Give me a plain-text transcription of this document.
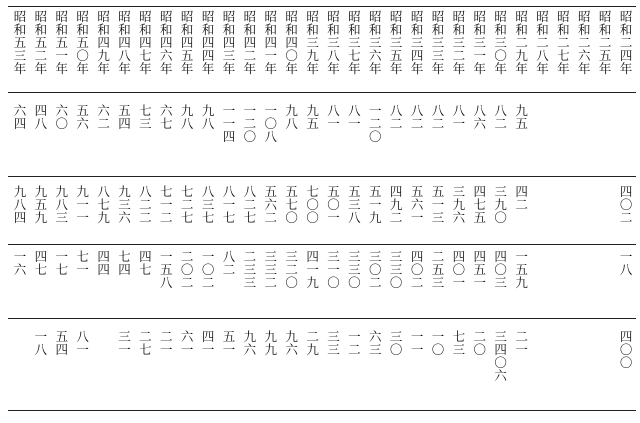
昭
和
五
三
年
六
四
九
八
四
一
六
昭
和
五
二
年
四
八
九
五
九
四
七
一
八
昭
和
五
一
年
六
〇
九
八
三
一
七
五
四
昭
和
五
〇
年
五
六
九
一
一
七
一
八
一
昭
和
四
九
年
六
二
八
七
九
四
四
昭
和
四
八
年
五
四
九
三
六
七
四
三
一
昭
和
四
七
年
七
三
八
二
二
四
七
二
七
昭
和
四
六
年
六
七
七
一
二
一
五
八
二
一
昭
和
四
五
年
九
八
七
二
七
二
〇
二
六
一
昭
和
四
四
年
九
八
八
三
七
一
〇
二
四
一
昭
和
四
三
年
一
一
四
八
一
七
八
二
五
一
昭
和
四
二
年
一
二
〇
八
二
七
二
三
三
九
六
昭
和
四
一
年
一
〇
八
五
六
二
三
三
二
九
九
昭
和
四
〇
年
九
八
五
七
〇
三
二
〇
九
六
昭
和
三
九
年
九
五
七
〇
〇
四
一
九
二
九
昭
和
三
八
年
八
一
五
〇
一
三
一
〇
三
三
昭
和
三
七
年
八
一
五
三
八
三
三
〇
一
二
昭
和
三
六
年
一
二
〇
五
一
九
三
〇
二
六
三
昭
和
三
五
年
八
二
四
九
二
三
三
〇
三
〇
昭
和
三
四
年
八
二
五
六
一
四
〇
二
一
一
昭
和
三
三
年
八
二
五
一
三
二
五
三
一
〇
昭
和
三
二
年
八
一
三
九
六
四
〇
一
七
三
昭
和
三
一
年
八
六
四
七
五
四
五
一
二
〇
昭
和
三
〇
年
八
二
三
九
〇
四
〇
三
三
四
〇
六
昭
和
二
九
年
九
五
四
二
一
五
九
二
一
昭
和
二
八
年
昭
和
二
七
年
昭
和
二
六
年
昭
和
二
五
年
昭
和
二
四
年
四
〇
二
一
八
四
〇
〇
